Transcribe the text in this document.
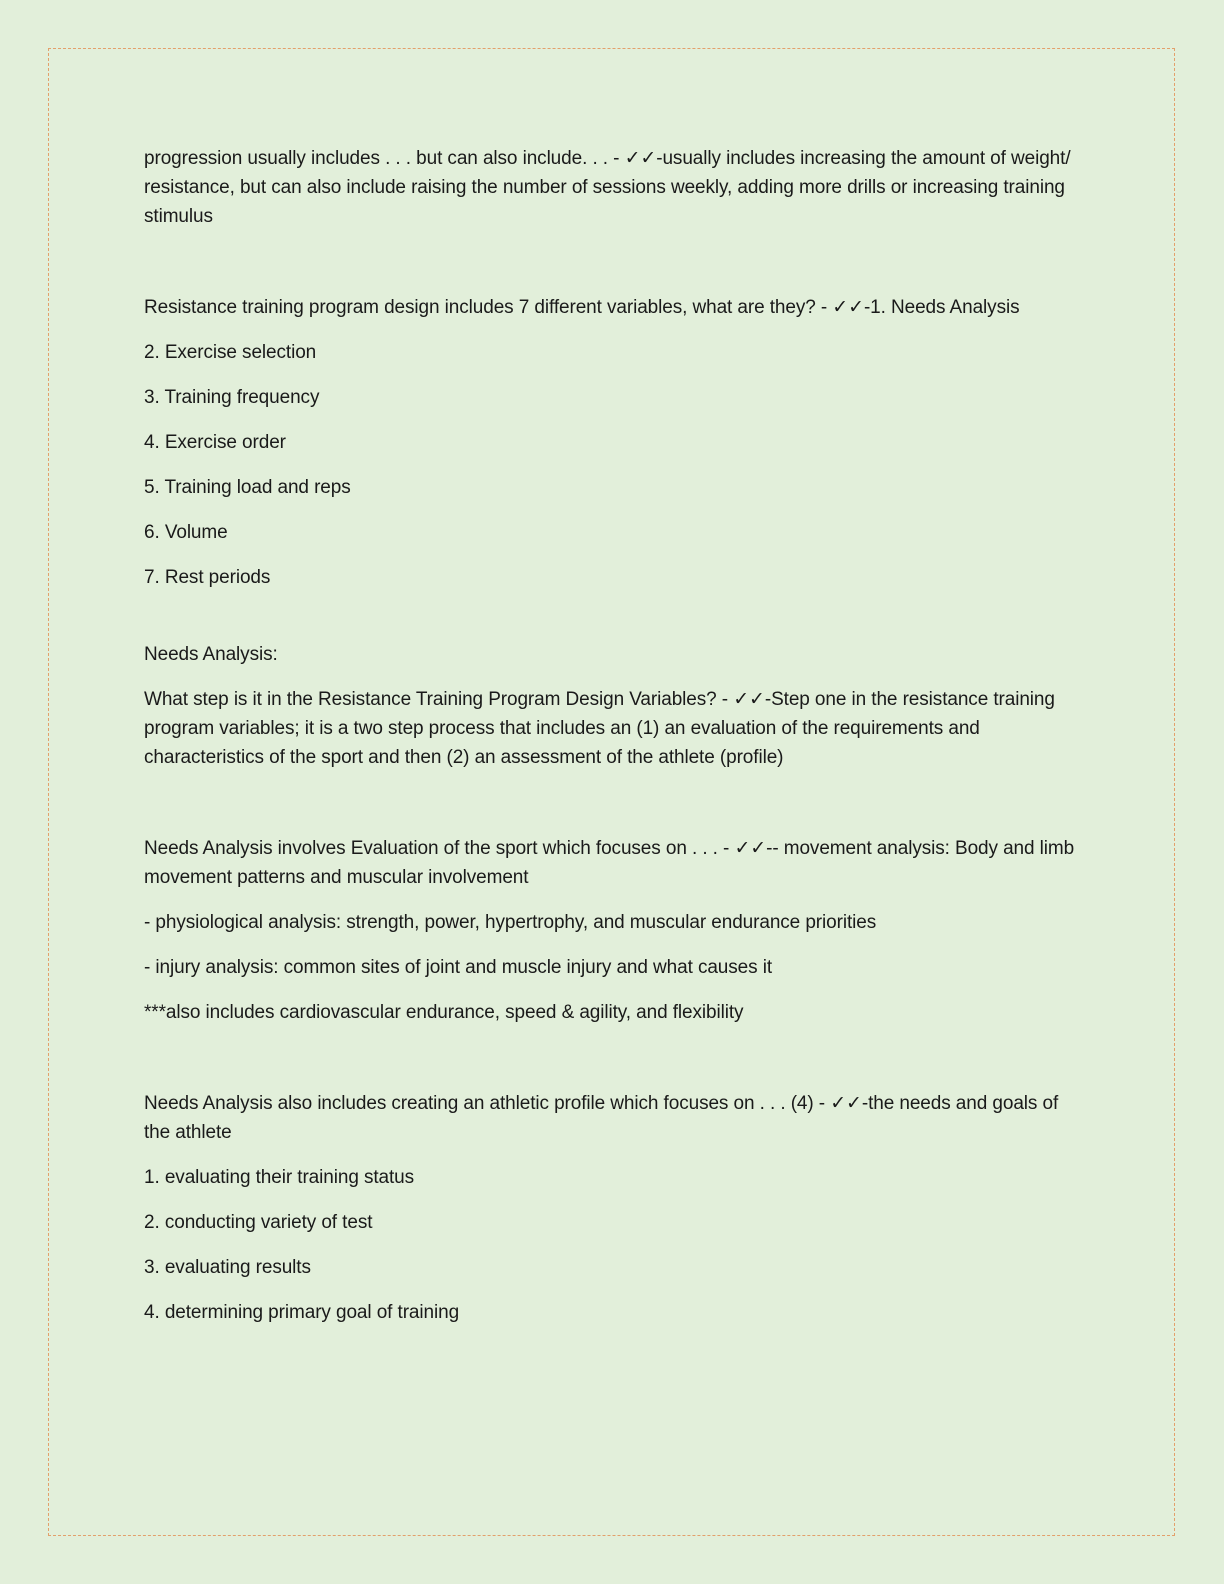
progression usually includes . . . but can also include. . . - ✓✓-usually includes increasing the amount of weight/ resistance, but can also include raising the number of sessions weekly, adding more drills or increasing training stimulus

Resistance training program design includes 7 different variables, what are they? - ✓✓-1. Needs Analysis

2. Exercise selection

3. Training frequency

4. Exercise order

5. Training load and reps

6. Volume

7. Rest periods

Needs Analysis:

What step is it in the Resistance Training Program Design Variables? - ✓✓-Step one in the resistance training program variables; it is a two step process that includes an (1) an evaluation of the requirements and characteristics of the sport and then (2) an assessment of the athlete (profile)

Needs Analysis involves Evaluation of the sport which focuses on . . . - ✓✓-- movement analysis: Body and limb movement patterns and muscular involvement

- physiological analysis: strength, power, hypertrophy, and muscular endurance priorities

- injury analysis: common sites of joint and muscle injury and what causes it

***also includes cardiovascular endurance, speed & agility, and flexibility

Needs Analysis also includes creating an athletic profile which focuses on . . . (4) - ✓✓-the needs and goals of the athlete

1. evaluating their training status

2. conducting variety of test

3. evaluating results

4. determining primary goal of training
